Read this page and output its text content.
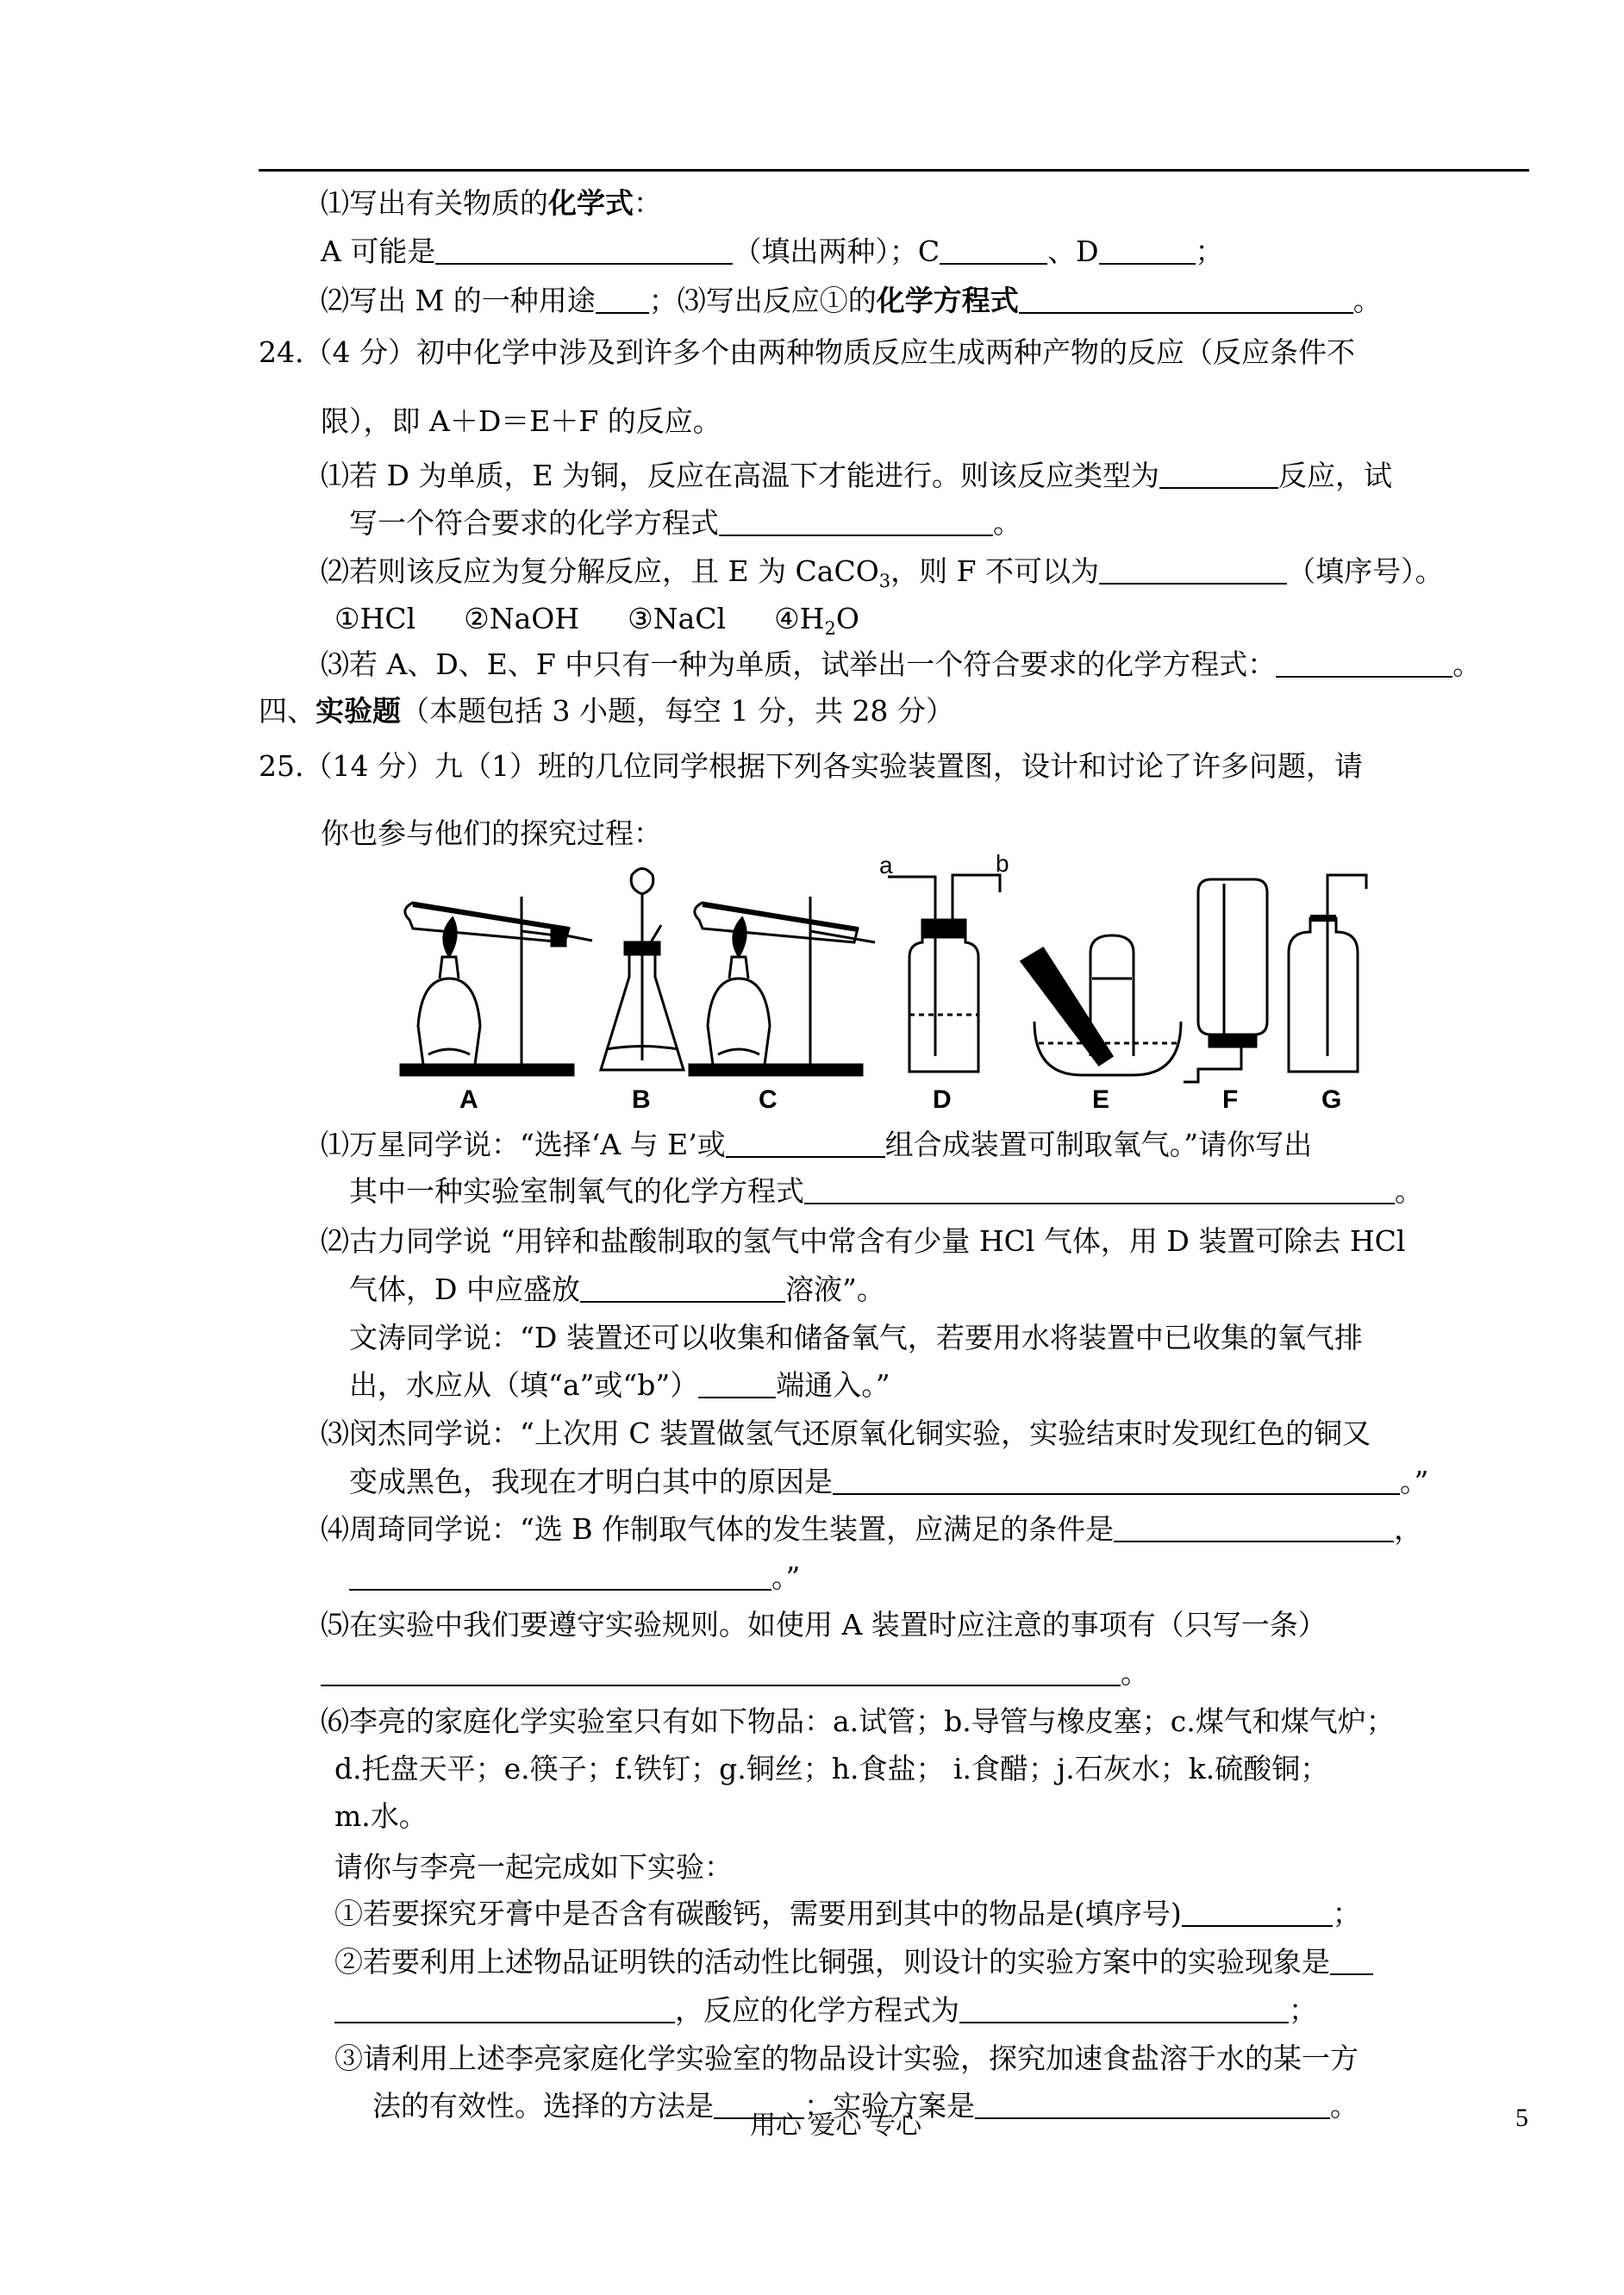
⑴写出有关物质的化学式：
A 可能是	（填出两种）；C	、D	；
⑵写出 M 的一种用途 ；⑶写出反应①的化学方程式	。
24.（4 分）初中化学中涉及到许多个由两种物质反应生成两种产物的反应（反应条件不
限），即 A＋D＝E＋F 的反应。
⑴若 D 为单质，E 为铜，反应在高温下才能进行。则该反应类型为	反应，试
写一个符合要求的化学方程式	。
⑵若则该反应为复分解反应，且 E 为 CaCO$_3$，则 F 不可以为	（填序号）。
①HCl ②NaOH ③NaCl $④H_2O$
⑶若 A、D、E、F 中只有一种为单质，试举出一个符合要求的化学方程式：	。
四、实验题（本题包括 3 小题，每空 1 分，共 28 分）
25.（14 分）九（1）班的几位同学根据下列各实验装置图，设计和讨论了许多问题，请
你也参与他们的探究过程：
a	b
A	B	C	D	E	F	G
⑴万星同学说：“选择‘A 与 E’或	组合成装置可制取氧气。”请你写出
其中一种实验室制氧气的化学方程式	。
⑵古力同学说 “用锌和盐酸制取的氢气中常含有少量 HCl 气体，用 D 装置可除去 HCl
气体，D 中应盛放	溶液”。
文涛同学说：“D 装置还可以收集和储备氧气，若要用水将装置中已收集的氧气排
出，水应从（填“a”或“b”）	端通入。”
⑶闵杰同学说：“上次用 C 装置做氢气还原氧化铜实验，实验结束时发现红色的铜又
变成黑色，我现在才明白其中的原因是	。”
⑷周琦同学说：“选 B 作制取气体的发生装置，应满足的条件是	，
。”
⑸在实验中我们要遵守实验规则。如使用 A 装置时应注意的事项有（只写一条）
。
⑹李亮的家庭化学实验室只有如下物品：a.试管；b.导管与橡皮塞；c.煤气和煤气炉；
d.托盘天平；e.筷子；f.铁钉；g.铜丝；h.食盐； i.食醋；j.石灰水；k.硫酸铜；
m.水。
请你与李亮一起完成如下实验：
①若要探究牙膏中是否含有碳酸钙，需要用到其中的物品是(填序号)	；
②若要利用上述物品证明铁的活动性比铜强，则设计的实验方案中的实验现象是
，反应的化学方程式为	；
③请利用上述李亮家庭化学实验室的物品设计实验，探究加速食盐溶于水的某一方
法的有效性。选择的方法是	；实验方案是	。
用心 爱心 专心	5
